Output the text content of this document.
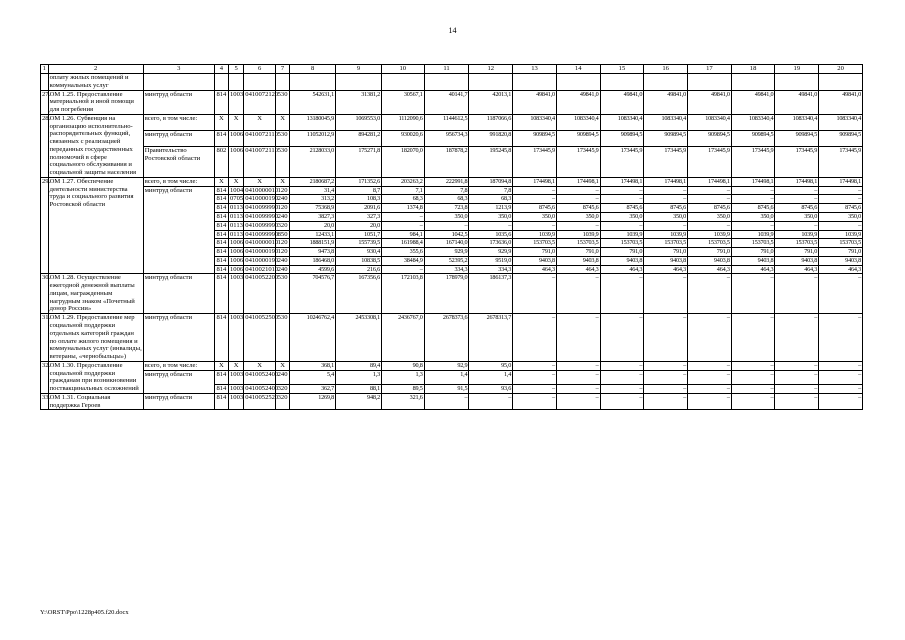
14
1	2	3	4	5	6	7	8	9	10	11	12	13	14	15	16	17	18	19	20
	оплату жилых помещений и коммунальных услуг																		
27.	ОМ 1.25. Предоставление материальной и иной помощи для погребения	минтруд области	814	1003	0410072120	530	542631,1	31381,2	30567,1	40141,7	42013,1	49841,0	49841,0	49841,0	49841,0	49841,0	49841,0	49841,0	49841,0
28.	ОМ 1.26. Субвенция на организацию исполнительно-распорядительных функций, связанных с реализацией переданных государственных полномочий в сфере социального обслуживания и социальной защиты населения	всего, в том числе:	X	X	X	X	13180045,9	1069553,0	1112090,6	1144612,5	1187066,6	1083340,4	1083340,4	1083340,4	1083340,4	1083340,4	1083340,4	1083340,4	1083340,4
		минтруд области	814	1006	0410072110	530	11052012,9	894281,2	930020,6	956734,3	991820,8	909894,5	909894,5	909894,5	909894,5	909894,5	909894,5	909894,5	909894,5
		Правительство Ростовской области	802	1006	0410072110	530	2128033,0	175271,8	182070,0	187878,2	195245,8	173445,9	173445,9	173445,9	173445,9	173445,9	173445,9	173445,9	173445,9
29.	ОМ 1.27. Обеспечение деятельности министерства труда и социального развития Ростовской области	всего, в том числе:	X	X	X	X	2180687,2	171352,6	203263,2	222991,8	187094,8	174498,1	174498,1	174498,1	174498,1	174498,1	174498,1	174498,1	174498,1
		минтруд области	814	1004	0410000010	120	31,4	8,7	7,1	7,8	7,8	–	–	–	–	–	–	–	–
			814	0705	0410000190	240	313,2	108,3	68,3	68,3	68,3	–	–	–	–	–	–	–	–
			814	0113	0410099990	120	75368,9	2091,6	1374,8	723,8	1213,9	8745,6	8745,6	8745,6	8745,6	8745,6	8745,6	8745,6	8745,6
			814	0113	0410099990	240	3827,3	327,3	–	350,0	350,0	350,0	350,0	350,0	350,0	350,0	350,0	350,0	350,0
			814	0113	0410099990	320	20,0	20,0	–	–	–	–	–	–	–	–	–	–	–
			814	0113	0410099990	850	12433,1	1051,7	984,1	1042,5	1035,6	1039,9	1039,9	1039,9	1039,9	1039,9	1039,9	1039,9	1039,9
			814	1006	0410000010	120	1888151,9	155739,5	161988,4	167140,0	173636,0	153703,5	153703,5	153703,5	153703,5	153703,5	153703,5	153703,5	153703,5
			814	1006	0410000190	120	9473,8	930,4	355,6	929,9	929,9	791,0	791,0	791,0	791,0	791,0	791,0	791,0	791,0
			814	1006	0410000190	240	186468,0	10838,5	38484,9	52395,2	9519,0	9403,8	9403,8	9403,8	9403,8	9403,8	9403,8	9403,8	9403,8
			814	1006	0410021010	240	4599,6	216,6	–	334,3	334,3	464,3	464,3	464,3	464,3	464,3	464,3	464,3	464,3
30.	ОМ 1.28. Осуществление ежегодной денежной выплаты лицам, награжденным нагрудным знаком «Почетный донор России»	минтруд области	814	1003	0410052200	530	704576,7	167356,6	172103,8	178979,0	186137,3	–	–	–	–	–	–	–	–
31.	ОМ 1.29. Предоставление мер социальной поддержки отдельных категорий граждан по оплате жилого помещения и коммунальных услуг (инвалиды, ветераны, «чернобыльцы»)	минтруд области	814	1003	0410052500	530	10246762,4	2453308,1	2436767,0	2678373,6	2678313,7	–	–	–	–	–	–	–	–
32.	ОМ 1.30. Предоставление социальной поддержки гражданам при возникновении поствакцинальных осложнений	всего, в том числе:	X	X	X	X	368,1	89,4	90,8	92,9	95,0	–	–	–	–	–	–	–	–
		минтруд области	814	1003	0410052400	240	5,4	1,3	1,3	1,4	1,4	–	–	–	–	–	–	–	–
			814	1003	0410052400	320	362,7	88,1	89,5	91,5	93,6	–	–	–	–	–	–	–	–
33.	ОМ 1.31. Социальная поддержка Героев	минтруд области	814	1003	0410052520	320	1269,8	948,2	321,6	–	–	–	–	–	–	–	–	–	–
Y:\ORST\Ppo\1228p405.f20.docx
